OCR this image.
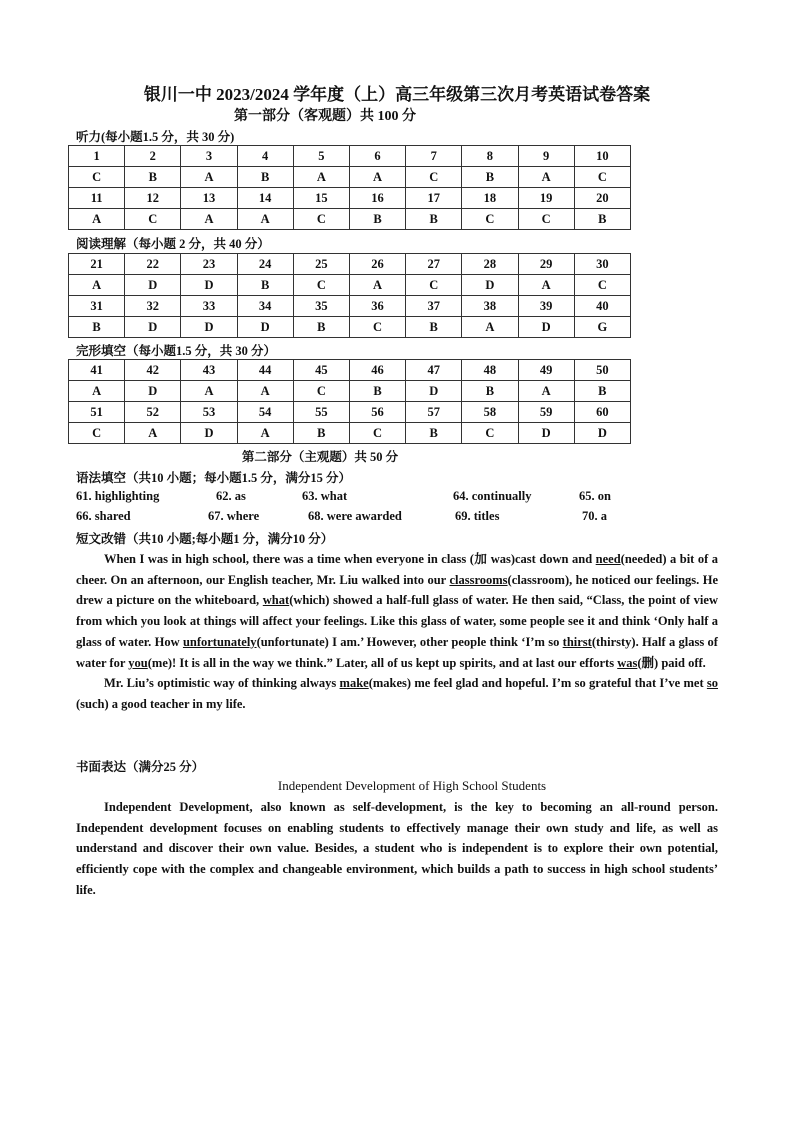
银川一中 2023/2024 学年度（上）高三年级第三次月考英语试卷答案
第一部分（客观题）共 100 分
听力(每小题1.5 分，共 30 分)
1	2	3	4	5	6	7	8	9	10
C	B	A	B	A	A	C	B	A	C
11	12	13	14	15	16	17	18	19	20
A	C	A	A	C	B	B	C	C	B
阅读理解（每小题 2 分，共 40 分）
21	22	23	24	25	26	27	28	29	30
A	D	D	B	C	A	C	D	A	C
31	32	33	34	35	36	37	38	39	40
B	D	D	D	B	C	B	A	D	G
完形填空（每小题1.5 分，共 30 分）
41	42	43	44	45	46	47	48	49	50
A	D	A	A	C	B	D	B	A	B
51	52	53	54	55	56	57	58	59	60
C	A	D	A	B	C	B	C	D	D
第二部分（主观题）共 50 分
语法填空（共10 小题；每小题1.5 分，满分15 分）
61. highlighting	62. as	63. what	64. continually	65. on
66. shared	67. where	68. were awarded	69. titles	70. a
短文改错（共10 小题;每小题1 分，满分10 分）

When I was in high school, there was a time when everyone in class (加 was)cast down and need(needed) a bit of a cheer. On an afternoon, our English teacher, Mr. Liu walked into our classrooms(classroom), he noticed our feelings. He drew a picture on the whiteboard, what(which) showed a half-full glass of water. He then said, “Class, the point of view from which you look at things will affect your feelings. Like this glass of water, some people see it and think ‘Only half a glass of water. How unfortunately(unfortunate) I am.’ However, other people think ‘I’m so thirst(thirsty). Half a glass of water for you(me)! It is all in the way we think.” Later, all of us kept up spirits, and at last our efforts was(删) paid off.

Mr. Liu’s optimistic way of thinking always make(makes) me feel glad and hopeful. I’m so grateful that I’ve met so (such) a good teacher in my life.

书面表达（满分25 分）
Independent Development of High School Students

Independent Development, also known as self-development, is the key to becoming an all-round person. Independent development focuses on enabling students to effectively manage their own study and life, as well as understand and discover their own value. Besides, a student who is independent is to explore their own potential, efficiently cope with the complex and changeable environment, which builds a path to success in high school students’ life.
